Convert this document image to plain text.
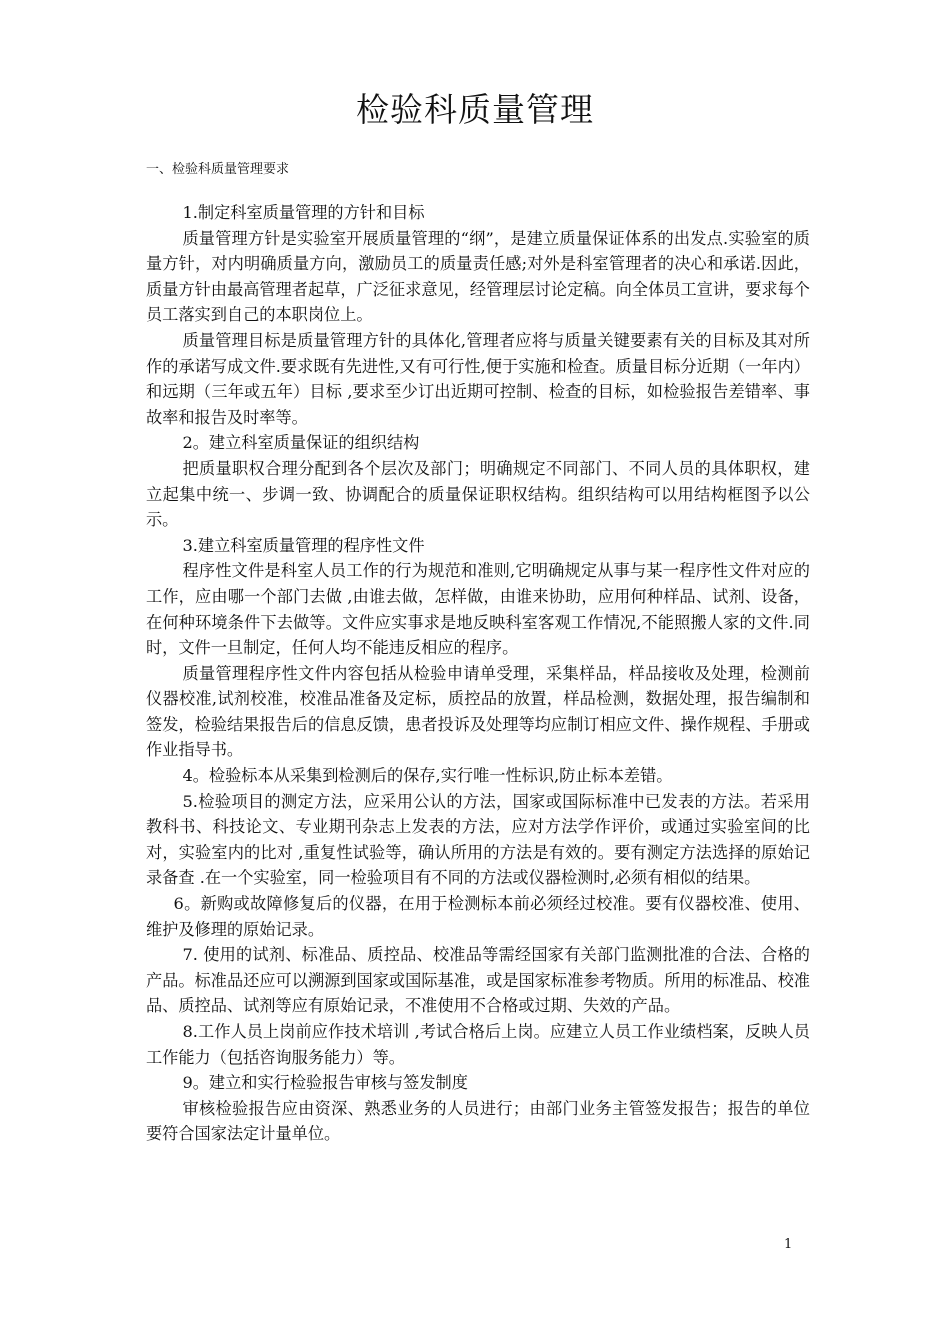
检验科质量管理
一、检验科质量管理要求

1.制定科室质量管理的方针和目标

质量管理方针是实验室开展质量管理的“纲”，是建立质量保证体系的出发点.实验室的质量方针，对内明确质量方向，激励员工的质量责任感;对外是科室管理者的决心和承诺.因此，质量方针由最高管理者起草，广泛征求意见，经管理层讨论定稿。向全体员工宣讲，要求每个员工落实到自己的本职岗位上。

质量管理目标是质量管理方针的具体化,管理者应将与质量关键要素有关的目标及其对所作的承诺写成文件.要求既有先进性,又有可行性,便于实施和检查。质量目标分近期（一年内）和远期（三年或五年）目标 ,要求至少订出近期可控制、检查的目标，如检验报告差错率、事故率和报告及时率等。

2。建立科室质量保证的组织结构

把质量职权合理分配到各个层次及部门；明确规定不同部门、不同人员的具体职权，建立起集中统一、步调一致、协调配合的质量保证职权结构。组织结构可以用结构框图予以公示。

3.建立科室质量管理的程序性文件

程序性文件是科室人员工作的行为规范和准则,它明确规定从事与某一程序性文件对应的工作，应由哪一个部门去做 ,由谁去做，怎样做，由谁来协助，应用何种样品、试剂、设备，在何种环境条件下去做等。文件应实事求是地反映科室客观工作情况,不能照搬人家的文件.同时，文件一旦制定，任何人均不能违反相应的程序。

质量管理程序性文件内容包括从检验申请单受理，采集样品，样品接收及处理，检测前仪器校准,试剂校准，校准品准备及定标，质控品的放置，样品检测，数据处理，报告编制和签发，检验结果报告后的信息反馈，患者投诉及处理等均应制订相应文件、操作规程、手册或作业指导书。

4。检验标本从采集到检测后的保存,实行唯一性标识,防止标本差错。

5.检验项目的测定方法，应采用公认的方法，国家或国际标准中已发表的方法。若采用教科书、科技论文、专业期刊杂志上发表的方法，应对方法学作评价，或通过实验室间的比对，实验室内的比对 ,重复性试验等，确认所用的方法是有效的。要有测定方法选择的原始记录备查 .在一个实验室，同一检验项目有不同的方法或仪器检测时,必须有相似的结果。

6。新购或故障修复后的仪器，在用于检测标本前必须经过校准。要有仪器校准、使用、维护及修理的原始记录。

7. 使用的试剂、标准品、质控品、校准品等需经国家有关部门监测批准的合法、合格的产品。标准品还应可以溯源到国家或国际基准，或是国家标准参考物质。所用的标准品、校准品、质控品、试剂等应有原始记录，不准使用不合格或过期、失效的产品。

8.工作人员上岗前应作技术培训 ,考试合格后上岗。应建立人员工作业绩档案，反映人员工作能力（包括咨询服务能力）等。

9。建立和实行检验报告审核与签发制度

审核检验报告应由资深、熟悉业务的人员进行；由部门业务主管签发报告；报告的单位要符合国家法定计量单位。

1
